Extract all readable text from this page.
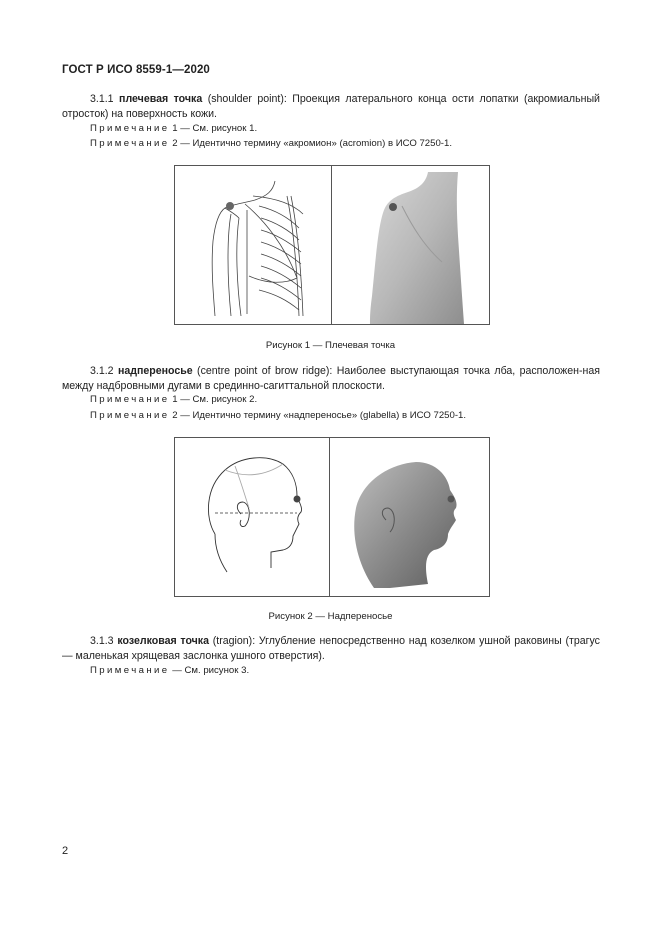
ГОСТ Р ИСО 8559-1—2020
3.1.1 плечевая точка (shoulder point): Проекция латерального конца ости лопатки (акромиальный отросток) на поверхность кожи.
Примечание 1 — См. рисунок 1.
Примечание 2 — Идентично термину «акромион» (acromion) в ИСО 7250-1.
Рисунок 1 — Плечевая точка
3.1.2 надпереносье (centre point of brow ridge): Наиболее выступающая точка лба, расположен-ная между надбровными дугами в срединно-сагиттальной плоскости.
Примечание 1 — См. рисунок 2.
Примечание 2 — Идентично термину «надпереносье» (glabella) в ИСО 7250-1.
Рисунок 2 — Надпереносье
3.1.3 козелковая точка (tragion): Углубление непосредственно над козелком ушной раковины (трагус — маленькая хрящевая заслонка ушного отверстия).
Примечание — См. рисунок 3.
2
